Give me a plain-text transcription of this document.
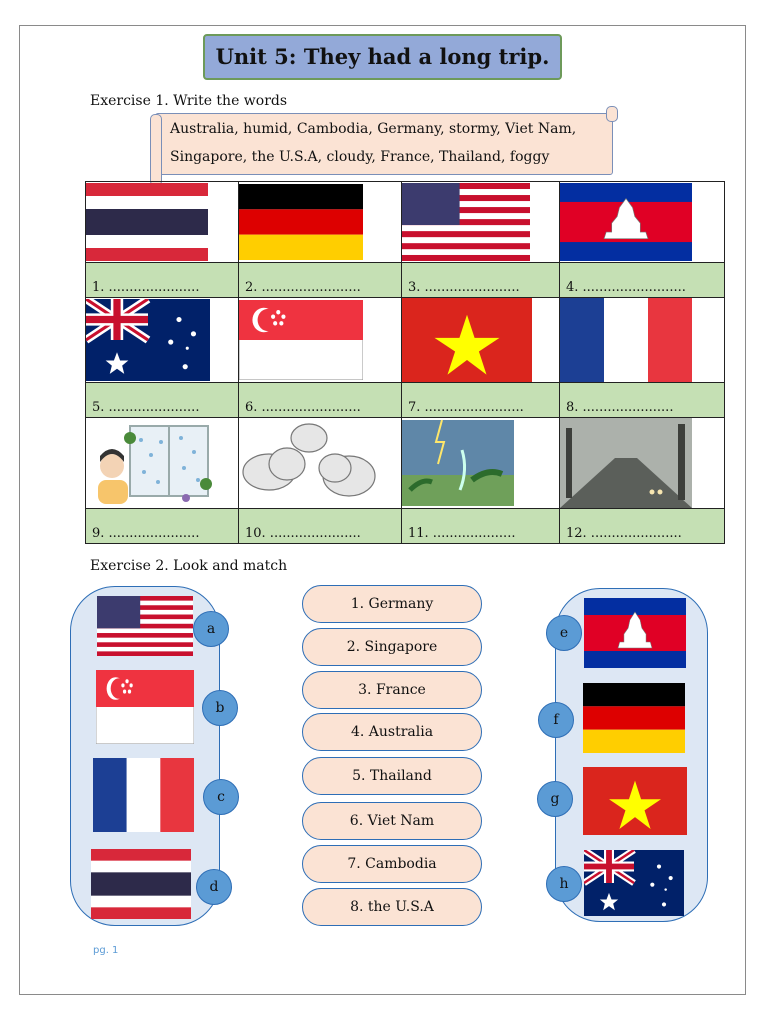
Unit 5: They had a long trip.
Exercise 1. Write the words
Australia, humid, Cambodia, Germany, stormy, Viet Nam,
Singapore, the U.S.A, cloudy, France, Thailand, foggy

1. ......................	2. ........................	3. .......................	4. .........................

5. ......................	6. ........................	7. ........................	8. ......................

9. ......................	10. ......................	11. ....................	12. ......................
Exercise 2. Look and match
a
b
c
d
1. Germany
2. Singapore
3. France
4. Australia
5. Thailand
6. Viet Nam
7. Cambodia
8. the U.S.A
e
f
g
h
pg. 1
